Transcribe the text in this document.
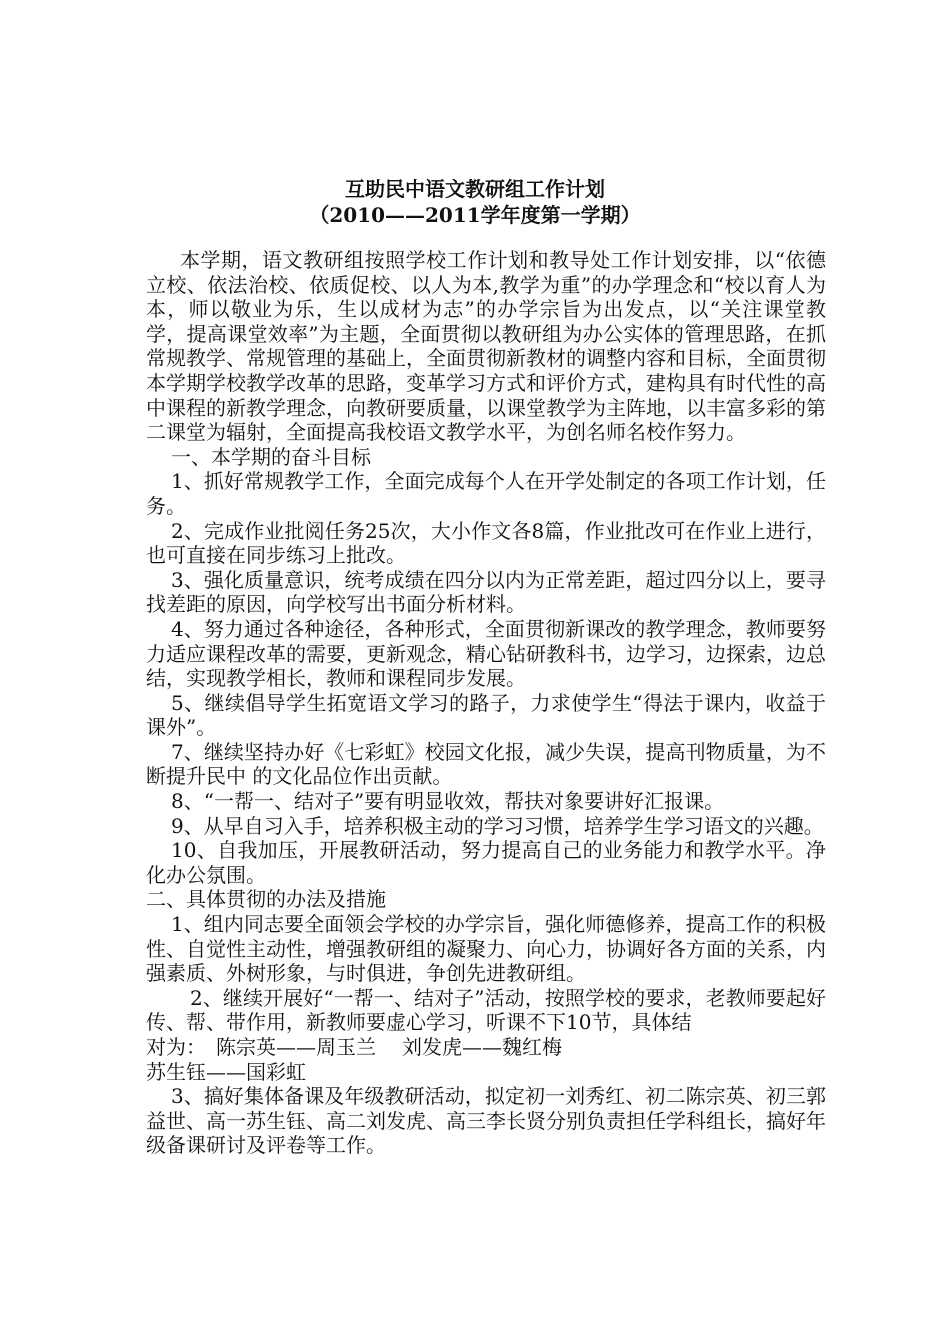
互助民中语文教研组工作计划
（2010——2011学年度第一学期）

本学期，语文教研组按照学校工作计划和教导处工作计划安排，以“依德立校、依法治校、依质促校、以人为本,教学为重”的办学理念和“校以育人为本，师以敬业为乐，生以成材为志”的办学宗旨为出发点，以“关注课堂教学，提高课堂效率”为主题，全面贯彻以教研组为办公实体的管理思路，在抓常规教学、常规管理的基础上，全面贯彻新教材的调整内容和目标，全面贯彻本学期学校教学改革的思路，变革学习方式和评价方式，建构具有时代性的高中课程的新教学理念，向教研要质量，以课堂教学为主阵地，以丰富多彩的第二课堂为辐射，全面提高我校语文教学水平，为创名师名校作努力。

一、本学期的奋斗目标

1、抓好常规教学工作，全面完成每个人在开学处制定的各项工作计划，任务。

2、完成作业批阅任务25次，大小作文各8篇，作业批改可在作业上进行，也可直接在同步练习上批改。

3、强化质量意识，统考成绩在四分以内为正常差距，超过四分以上，要寻找差距的原因，向学校写出书面分析材料。

4、努力通过各种途径，各种形式，全面贯彻新课改的教学理念，教师要努力适应课程改革的需要，更新观念，精心钻研教科书，边学习，边探索，边总结，实现教学相长，教师和课程同步发展。

5、继续倡导学生拓宽语文学习的路子，力求使学生“得法于课内，收益于课外”。

7、继续坚持办好《七彩虹》校园文化报，减少失误，提高刊物质量，为不断提升民中 的文化品位作出贡献。

8、“一帮一、结对子”要有明显收效，帮扶对象要讲好汇报课。

9、从早自习入手，培养积极主动的学习习惯，培养学生学习语文的兴趣。

10、自我加压，开展教研活动，努力提高自己的业务能力和教学水平。净化办公氛围。

二、具体贯彻的办法及措施

1、组内同志要全面领会学校的办学宗旨，强化师德修养，提高工作的积极性、自觉性主动性，增强教研组的凝聚力、向心力，协调好各方面的关系，内强素质、外树形象，与时俱进，争创先进教研组。

2、继续开展好“一帮一、结对子”活动，按照学校的要求，老教师要起好传、帮、带作用，新教师要虚心学习，听课不下10节，具体结

对为： 陈宗英——周玉兰 刘发虎——魏红梅

苏生钰——国彩虹

3、搞好集体备课及年级教研活动，拟定初一刘秀红、初二陈宗英、初三郭益世、高一苏生钰、高二刘发虎、高三李长贤分别负责担任学科组长，搞好年级备课研讨及评卷等工作。
